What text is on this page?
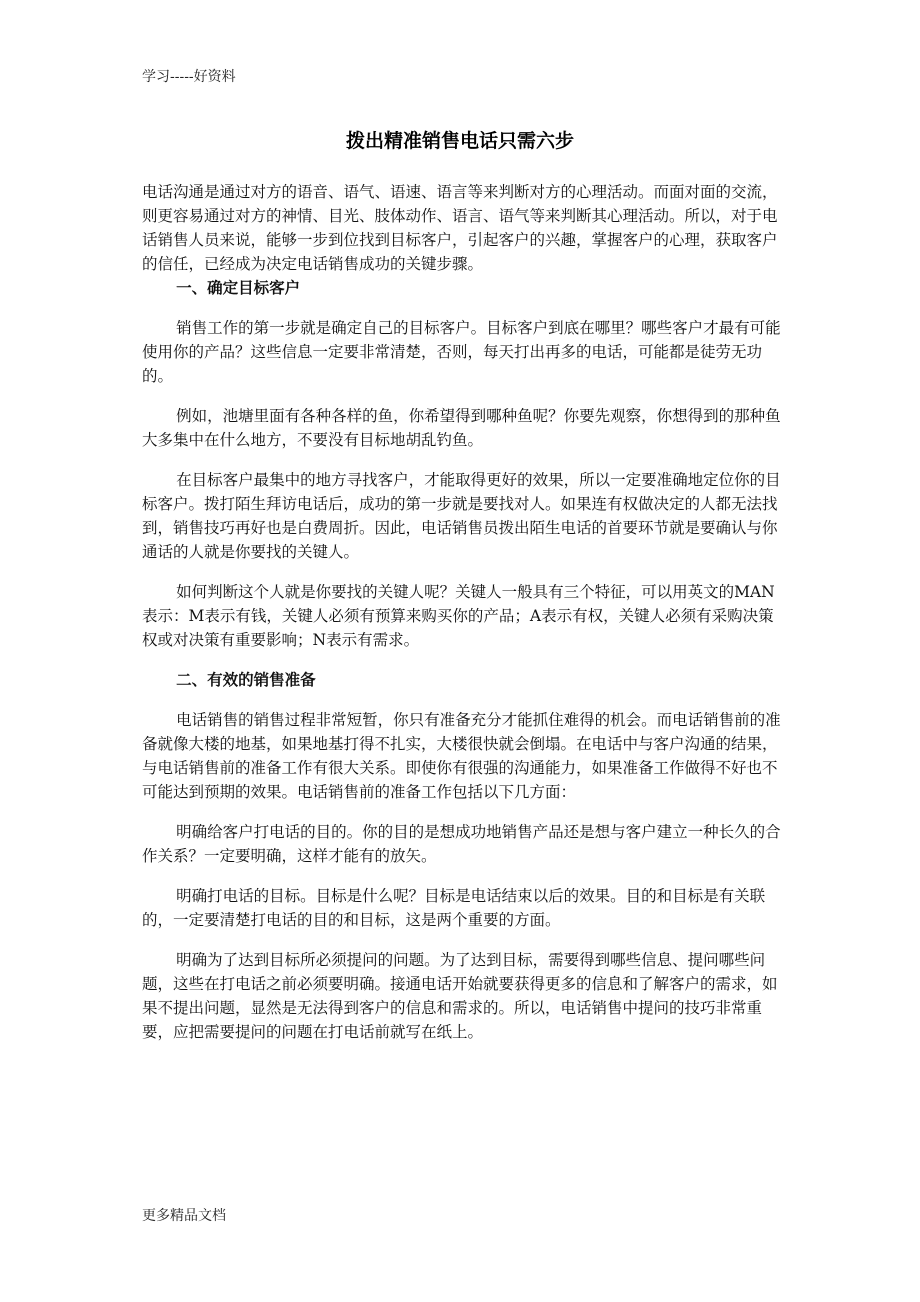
学习-----好资料
拨出精准销售电话只需六步

电话沟通是通过对方的语音、语气、语速、语言等来判断对方的心理活动。而面对面的交流，则更容易通过对方的神情、目光、肢体动作、语言、语气等来判断其心理活动。所以，对于电话销售人员来说，能够一步到位找到目标客户，引起客户的兴趣，掌握客户的心理，获取客户的信任，已经成为决定电话销售成功的关键步骤。

一、确定目标客户

销售工作的第一步就是确定自己的目标客户。目标客户到底在哪里？哪些客户才最有可能使用你的产品？这些信息一定要非常清楚，否则，每天打出再多的电话，可能都是徒劳无功的。

例如，池塘里面有各种各样的鱼，你希望得到哪种鱼呢？你要先观察，你想得到的那种鱼大多集中在什么地方，不要没有目标地胡乱钓鱼。

在目标客户最集中的地方寻找客户，才能取得更好的效果，所以一定要准确地定位你的目标客户。拨打陌生拜访电话后，成功的第一步就是要找对人。如果连有权做决定的人都无法找到，销售技巧再好也是白费周折。因此，电话销售员拨出陌生电话的首要环节就是要确认与你通话的人就是你要找的关键人。

如何判断这个人就是你要找的关键人呢？关键人一般具有三个特征，可以用英文的MAN表示：M表示有钱，关键人必须有预算来购买你的产品；A表示有权，关键人必须有采购决策权或对决策有重要影响；N表示有需求。

二、有效的销售准备

电话销售的销售过程非常短暂，你只有准备充分才能抓住难得的机会。而电话销售前的准备就像大楼的地基，如果地基打得不扎实，大楼很快就会倒塌。在电话中与客户沟通的结果，与电话销售前的准备工作有很大关系。即使你有很强的沟通能力，如果准备工作做得不好也不可能达到预期的效果。电话销售前的准备工作包括以下几方面：

明确给客户打电话的目的。你的目的是想成功地销售产品还是想与客户建立一种长久的合作关系？一定要明确，这样才能有的放矢。

明确打电话的目标。目标是什么呢？目标是电话结束以后的效果。目的和目标是有关联的，一定要清楚打电话的目的和目标，这是两个重要的方面。

明确为了达到目标所必须提问的问题。为了达到目标，需要得到哪些信息、提问哪些问题，这些在打电话之前必须要明确。接通电话开始就要获得更多的信息和了解客户的需求，如果不提出问题，显然是无法得到客户的信息和需求的。所以，电话销售中提问的技巧非常重要，应把需要提问的问题在打电话前就写在纸上。

更多精品文档
